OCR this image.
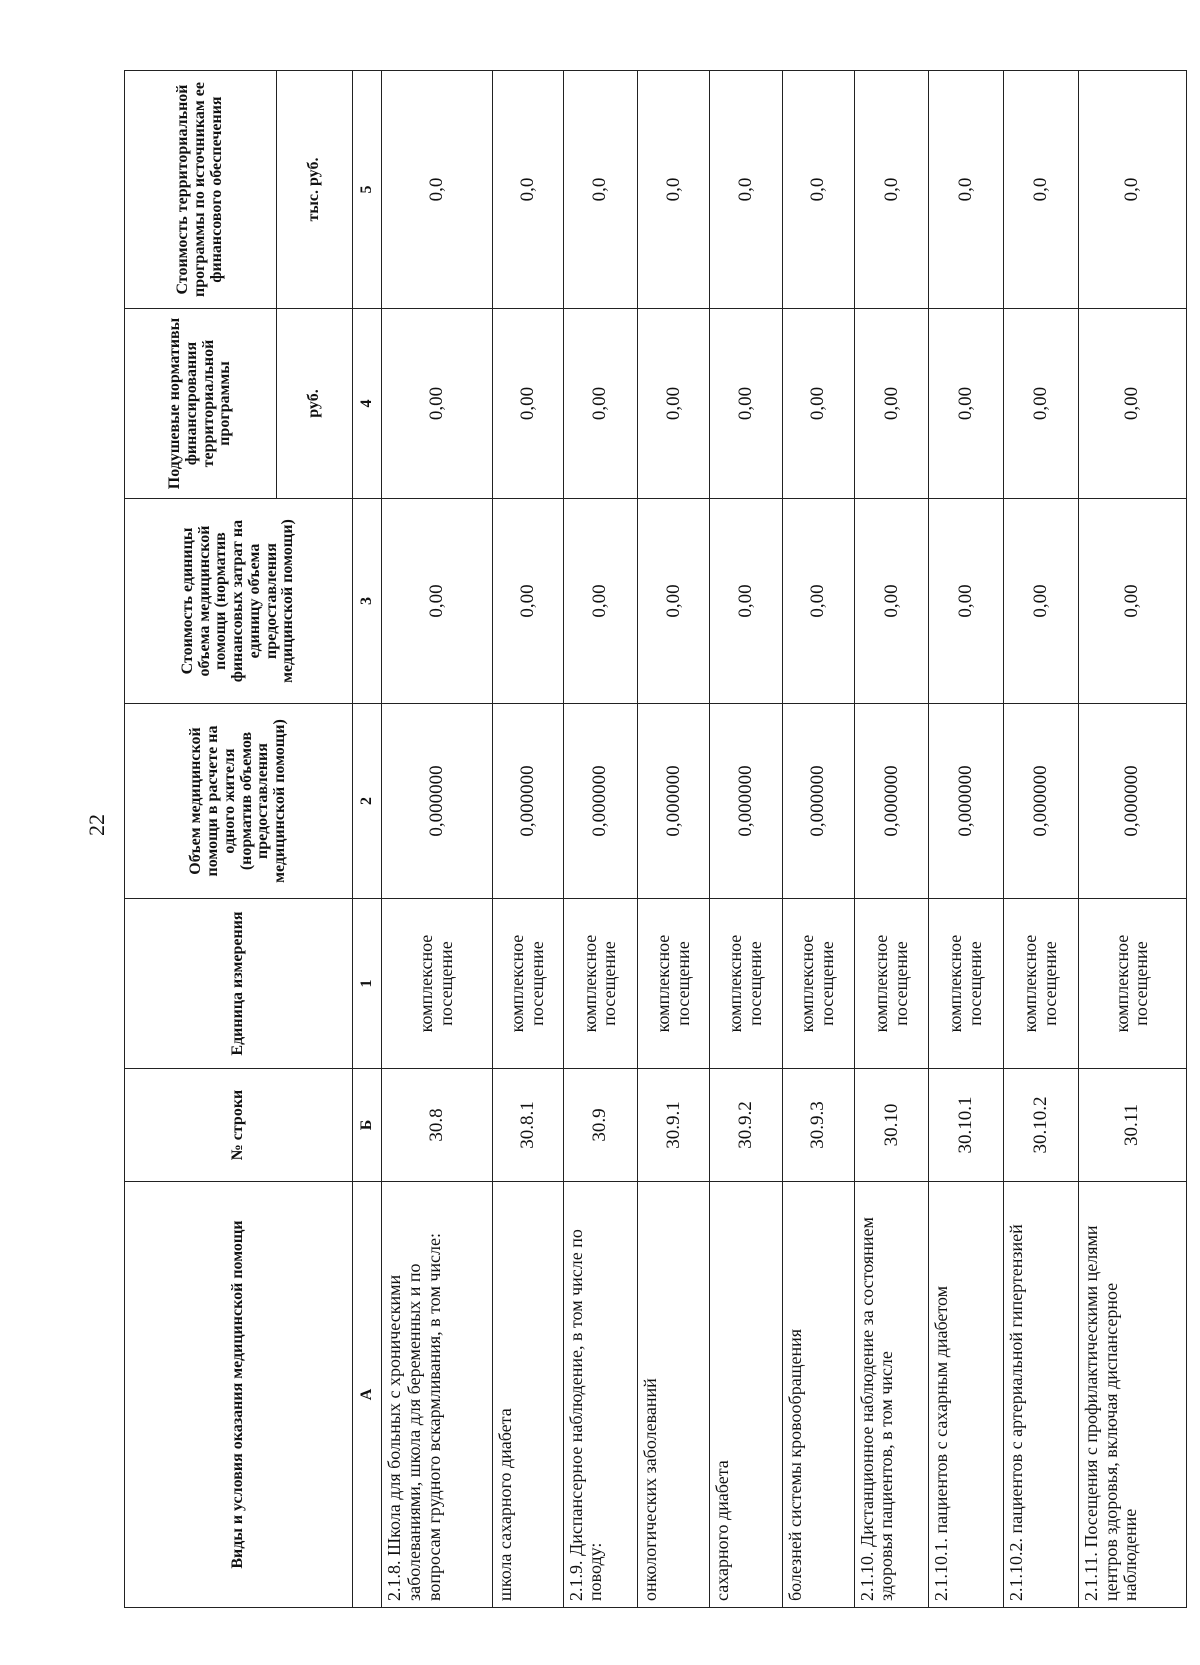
22
Виды и условия оказания медицинской помощи	№ строки	Единица измерения	Объем медицинской помощи в расчете на одного жителя (норматив объемов предоставления медицинской помощи)	Стоимость единицы объема медицинской помощи (норматив финансовых затрат на единицу объема предоставления медицинской помощи)	Подушевые нормативы финансирования территориальной программы	Стоимость территориальной программы по источникам ее финансового обеспечения
					руб.	тыс. руб.
А	Б	1	2	3	4	5
2.1.8. Школа для больных с хроническими заболеваниями, школа для беременных и по вопросам грудного вскармливания, в том числе:	30.8	комплексное посещение	0,000000	0,00	0,00	0,0
школа сахарного диабета	30.8.1	комплексное посещение	0,000000	0,00	0,00	0,0
2.1.9. Диспансерное наблюдение, в том числе по поводу:	30.9	комплексное посещение	0,000000	0,00	0,00	0,0
онкологических заболеваний	30.9.1	комплексное посещение	0,000000	0,00	0,00	0,0
сахарного диабета	30.9.2	комплексное посещение	0,000000	0,00	0,00	0,0
болезней системы кровообращения	30.9.3	комплексное посещение	0,000000	0,00	0,00	0,0
2.1.10. Дистанционное наблюдение за состоянием здоровья пациентов, в том числе	30.10	комплексное посещение	0,000000	0,00	0,00	0,0
2.1.10.1. пациентов с сахарным диабетом	30.10.1	комплексное посещение	0,000000	0,00	0,00	0,0
2.1.10.2. пациентов с артериальной гипертензией	30.10.2	комплексное посещение	0,000000	0,00	0,00	0,0
2.1.11. Посещения с профилактическими целями центров здоровья, включая диспансерное наблюдение	30.11	комплексное посещение	0,000000	0,00	0,00	0,0
